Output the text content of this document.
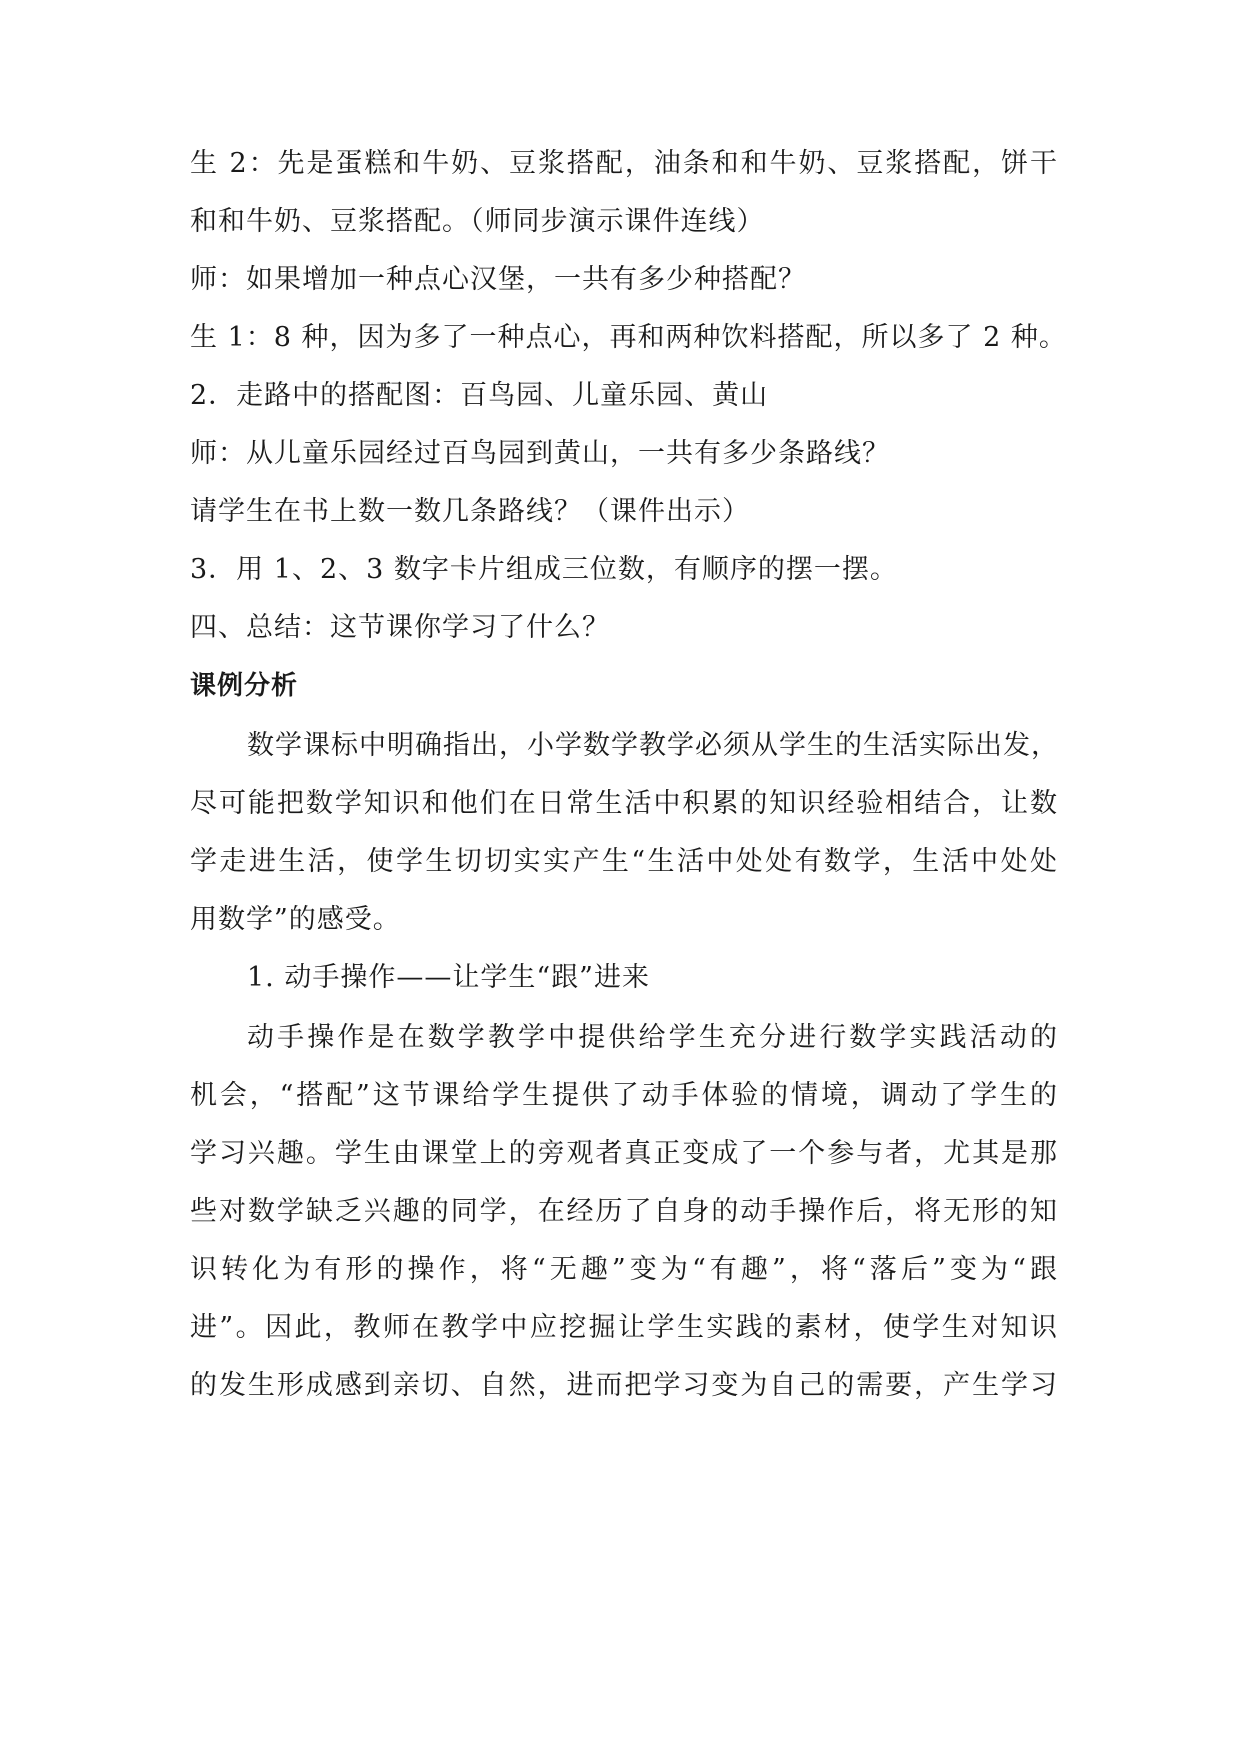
生 2：先是蛋糕和牛奶、豆浆搭配，油条和和牛奶、豆浆搭配，饼干
和和牛奶、豆浆搭配。（师同步演示课件连线）
师：如果增加一种点心汉堡，一共有多少种搭配？
生 1：8 种，因为多了一种点心，再和两种饮料搭配，所以多了 2 种。
2．走路中的搭配图：百鸟园、儿童乐园、黄山
师：从儿童乐园经过百鸟园到黄山，一共有多少条路线？
请学生在书上数一数几条路线？（课件出示）
3．用 1、2、3 数字卡片组成三位数，有顺序的摆一摆。
四、总结：这节课你学习了什么？
课例分析
数学课标中明确指出，小学数学教学必须从学生的生活实际出发，
尽可能把数学知识和他们在日常生活中积累的知识经验相结合，让数
学走进生活，使学生切切实实产生“生活中处处有数学，生活中处处
用数学”的感受。
1. 动手操作——让学生“跟”进来
动手操作是在数学教学中提供给学生充分进行数学实践活动的
机会，“搭配”这节课给学生提供了动手体验的情境，调动了学生的
学习兴趣。学生由课堂上的旁观者真正变成了一个参与者，尤其是那
些对数学缺乏兴趣的同学，在经历了自身的动手操作后，将无形的知
识转化为有形的操作，将“无趣”变为“有趣”，将“落后”变为“跟
进”。因此，教师在教学中应挖掘让学生实践的素材，使学生对知识
的发生形成感到亲切、自然，进而把学习变为自己的需要，产生学习
